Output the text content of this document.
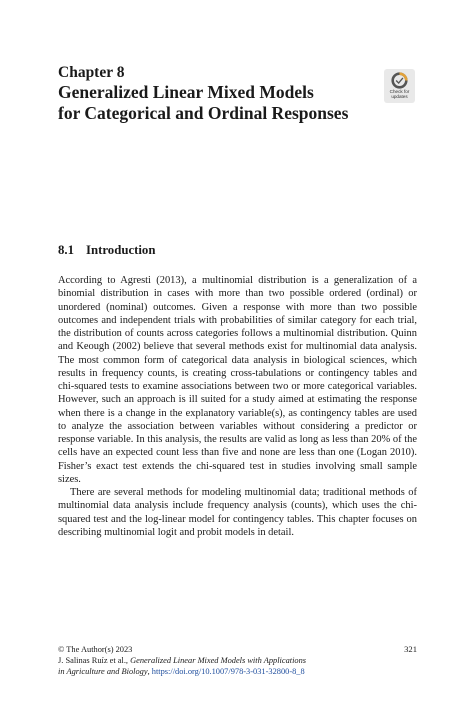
Chapter 8
Generalized Linear Mixed Models
for Categorical and Ordinal Responses
Check for
updates
8.1 Introduction

According to Agresti (2013), a multinomial distribution is a generalization of a binomial distribution in cases with more than two possible ordered (ordinal) or unordered (nominal) outcomes. Given a response with more than two possible outcomes and independent trials with probabilities of similar category for each trial, the distribution of counts across categories follows a multinomial distribution. Quinn and Keough (2002) believe that several methods exist for multinomial data analysis. The most common form of categorical data analysis in biological sciences, which results in frequency counts, is creating cross-tabulations or contingency tables and chi-squared tests to examine associations between two or more categorical variables. However, such an approach is ill suited for a study aimed at estimating the response when there is a change in the explanatory variable(s), as contingency tables are used to analyze the association between variables without considering a predictor or response variable. In this analysis, the results are valid as long as less than 20% of the cells have an expected count less than five and none are less than one (Logan 2010). Fisher’s exact test extends the chi-squared test in studies involving small sample sizes.

There are several methods for modeling multinomial data; traditional methods of multinomial data analysis include frequency analysis (counts), which uses the chi-squared test and the log-linear model for contingency tables. This chapter focuses on describing multinomial logit and probit models in detail.

© The Author(s) 2023
J. Salinas Ruíz et al., Generalized Linear Mixed Models with Applications
in Agriculture and Biology, https://doi.org/10.1007/978-3-031-32800-8_8
321
